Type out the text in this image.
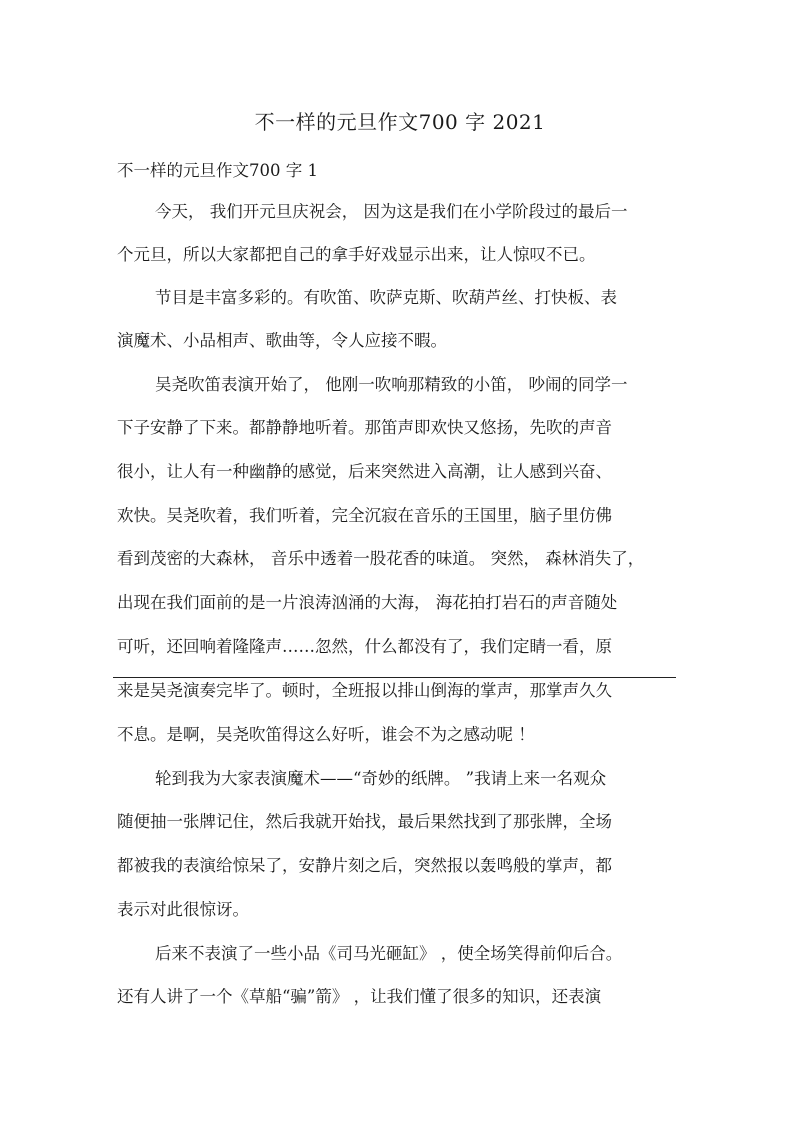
不一样的元旦作文700 字 2021
不一样的元旦作文700 字 1
今天， 我们开元旦庆祝会， 因为这是我们在小学阶段过的最后一
个元旦，所以大家都把自己的拿手好戏显示出来，让人惊叹不已。
节目是丰富多彩的。有吹笛、吹萨克斯、吹葫芦丝、打快板、表
演魔术、小品相声、歌曲等，令人应接不暇。
吴尧吹笛表演开始了， 他刚一吹响那精致的小笛， 吵闹的同学一
下子安静了下来。都静静地听着。那笛声即欢快又悠扬，先吹的声音
很小，让人有一种幽静的感觉，后来突然进入高潮，让人感到兴奋、
欢快。吴尧吹着，我们听着，完全沉寂在音乐的王国里，脑子里仿佛
看到茂密的大森林， 音乐中透着一股花香的味道。 突然， 森林消失了，
出现在我们面前的是一片浪涛汹涌的大海， 海花拍打岩石的声音随处
可听，还回响着隆隆声……忽然，什么都没有了，我们定睛一看，原
来是吴尧演奏完毕了。顿时，全班报以排山倒海的掌声，那掌声久久
不息。是啊，吴尧吹笛得这么好听，谁会不为之感动呢 ！
轮到我为大家表演魔术——“奇妙的纸牌。 ”我请上来一名观众
随便抽一张牌记住，然后我就开始找，最后果然找到了那张牌，全场
都被我的表演给惊呆了，安静片刻之后，突然报以轰鸣般的掌声，都
表示对此很惊讶。
后来不表演了一些小品《司马光砸缸》 ，使全场笑得前仰后合。
还有人讲了一个《草船“骗”箭》 ，让我们懂了很多的知识，还表演
